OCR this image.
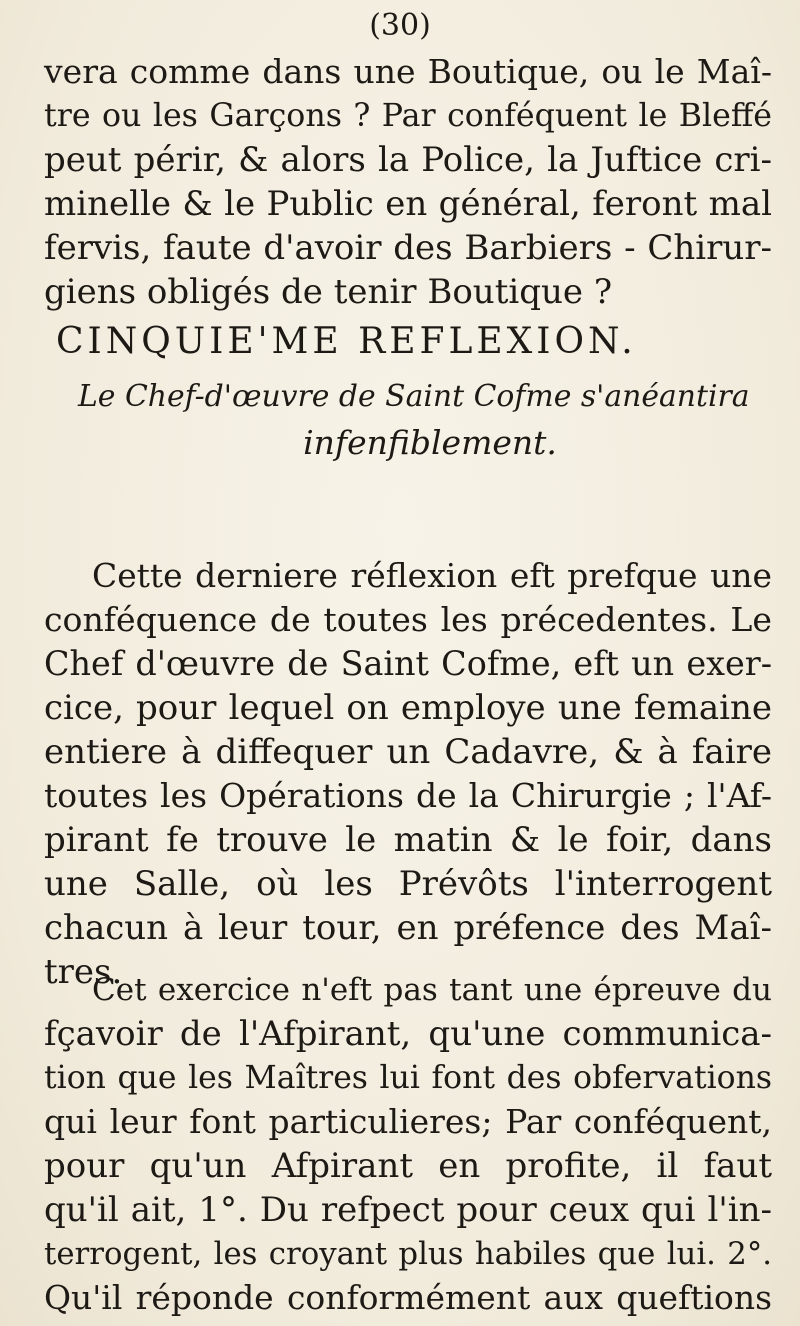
(30)
vera comme dans une Boutique, ou le Maî-
tre ou les Garçons ? Par conféquent le Bleffé
peut périr, & alors la Police, la Juftice cri-
minelle & le Public en général, feront mal
fervis, faute d'avoir des Barbiers - Chirur-
giens obligés de tenir Boutique ?
CINQUIE'ME REFLEXION.
Le Chef-d'œuvre de Saint Cofme s'anéantira
infenfiblement.
Cette derniere réflexion eft prefque une
conféquence de toutes les précedentes. Le
Chef d'œuvre de Saint Cofme, eft un exer-
cice, pour lequel on employe une femaine
entiere à diffequer un Cadavre, & à faire
toutes les Opérations de la Chirurgie ; l'Af-
pirant fe trouve le matin & le foir, dans
une Salle, où les Prévôts l'interrogent
chacun à leur tour, en préfence des Maî-
tres.
Cet exercice n'eft pas tant une épreuve du
fçavoir de l'Afpirant, qu'une communica-
tion que les Maîtres lui font des obfervations
qui leur font particulieres; Par conféquent,
pour qu'un Afpirant en profite, il faut
qu'il ait, 1°. Du refpect pour ceux qui l'in-
terrogent, les croyant plus habiles que lui. 2°.
Qu'il réponde conformément aux queftions
